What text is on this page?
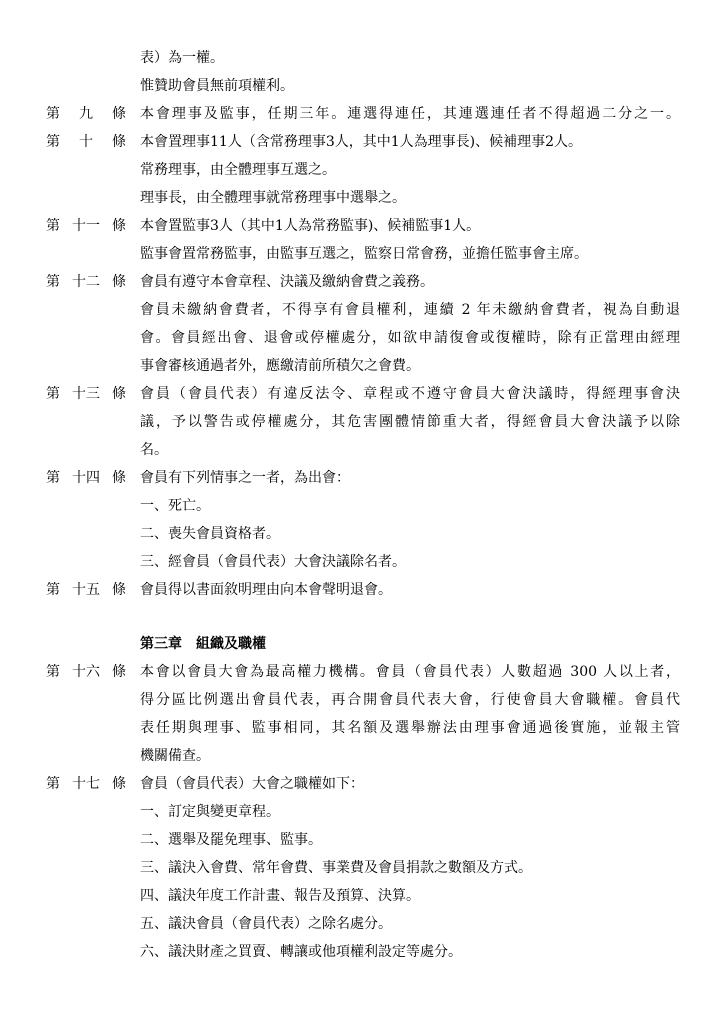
表）為一權。
惟贊助會員無前項權利。
第 九 條 本會理事及監事，任期三年。連選得連任，其連選連任者不得超過二分之一。
第 十 條 本會置理事11人（含常務理事3人，其中1人為理事長)、候補理事2人。
常務理事，由全體理事互選之。
理事長，由全體理事就常務理事中選舉之。
第 十一 條 本會置監事3人（其中1人為常務監事)、候補監事1人。
監事會置常務監事，由監事互選之，監察日常會務，並擔任監事會主席。
第 十二 條 會員有遵守本會章程、決議及繳納會費之義務。
會員未繳納會費者，不得享有會員權利，連續 2 年未繳納會費者，視為自動退
會。會員經出會、退會或停權處分，如欲申請復會或復權時，除有正當理由經理
事會審核通過者外，應繳清前所積欠之會費。
第 十三 條 會員（會員代表）有違反法令、章程或不遵守會員大會決議時，得經理事會決
議，予以警告或停權處分，其危害團體情節重大者，得經會員大會決議予以除
名。
第 十四 條 會員有下列情事之一者，為出會：
一、死亡。
二、喪失會員資格者。
三、經會員（會員代表）大會決議除名者。
第 十五 條 會員得以書面敘明理由向本會聲明退會。
第三章　組織及職權
第 十六 條 本會以會員大會為最高權力機構。會員（會員代表）人數超過 300 人以上者，
得分區比例選出會員代表，再合開會員代表大會，行使會員大會職權。會員代
表任期與理事、監事相同，其名額及選舉辦法由理事會通過後實施，並報主管
機關備查。
第 十七 條 會員（會員代表）大會之職權如下：
一、訂定與變更章程。
二、選舉及罷免理事、監事。
三、議決入會費、常年會費、事業費及會員捐款之數額及方式。
四、議決年度工作計畫、報告及預算、決算。
五、議決會員（會員代表）之除名處分。
六、議決財產之買賣、轉讓或他項權利設定等處分。
